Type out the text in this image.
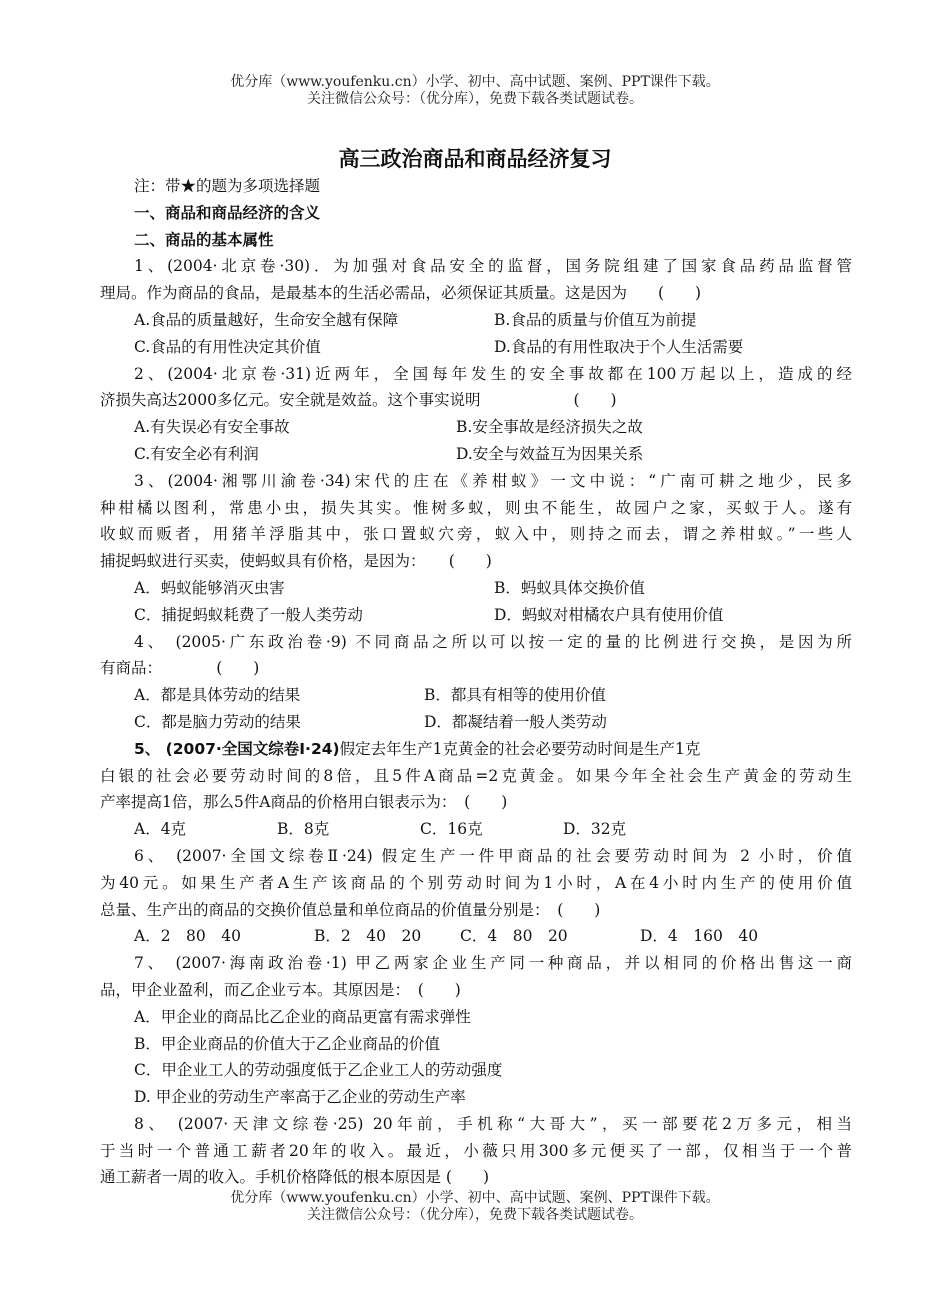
优分库（www.youfenku.cn）小学、初中、高中试题、案例、PPT课件下载。
关注微信公众号：（优分库），免费下载各类试题试卷。
高三政治商品和商品经济复习
注：带★的题为多项选择题
一、商品和商品经济的含义
二、商品的基本属性
1、(2004·北京卷·30)．为加强对食品安全的监督，国务院组建了国家食品药品监督管
理局。作为商品的食品，是最基本的生活必需品，必须保证其质量。这是因为　　(　　)
A.食品的质量越好，生命安全越有保障	B.食品的质量与价值互为前提
C.食品的有用性决定其价值	D.食品的有用性取决于个人生活需要
2、(2004·北京卷·31)近两年，全国每年发生的安全事故都在100万起以上，造成的经
济损失高达2000多亿元。安全就是效益。这个事实说明　　　　　　(　　)
A.有失误必有安全事故	B.安全事故是经济损失之故
C.有安全必有利润	D.安全与效益互为因果关系
3、(2004·湘鄂川渝卷·34)宋代的庄在《养柑蚁》一文中说：“广南可耕之地少，民多
种柑橘以图利，常患小虫，损失其实。惟树多蚁，则虫不能生，故园户之家，买蚁于人。遂有
收蚁而贩者，用猪羊浮脂其中，张口置蚁穴旁，蚁入中，则持之而去，谓之养柑蚁。”一些人
捕捉蚂蚁进行买卖，使蚂蚁具有价格，是因为：　　(　　)
A．蚂蚁能够消灭虫害	B．蚂蚁具体交换价值
C．捕捉蚂蚁耗费了一般人类劳动	D．蚂蚁对柑橘农户具有使用价值
4、 (2005·广东政治卷·9) 不同商品之所以可以按一定的量的比例进行交换，是因为所
有商品：　　　　(　　)
A．都是具体劳动的结果	B．都具有相等的使用价值
C．都是脑力劳动的结果	D．都凝结着一般人类劳动
5、 (2007·全国文综卷Ⅰ·24)假定去年生产1克黄金的社会必要劳动时间是生产1克
白银的社会必要劳动时间的8倍，且5件A商品=2克黄金。如果今年全社会生产黄金的劳动生
产率提高1倍，那么5件A商品的价格用白银表示为：　(　　)
A．4克	B．8克	C．16克	D．32克
6、 (2007·全国文综卷Ⅱ·24) 假定生产一件甲商品的社会要劳动时间为 2 小时，价值
为40元。如果生产者A生产该商品的个别劳动时间为1小时，A在4小时内生产的使用价值
总量、生产出的商品的交换价值总量和单位商品的价值量分别是：　(　　)
A．2　80　40	B．2　40　20	C．4　80　20	D．4　160　40
7、 (2007·海南政治卷·1) 甲乙两家企业生产同一种商品，并以相同的价格出售这一商
品，甲企业盈利，而乙企业亏本。其原因是：　(　　)
A．甲企业的商品比乙企业的商品更富有需求弹性
B．甲企业商品的价值大于乙企业商品的价值
C．甲企业工人的劳动强度低于乙企业工人的劳动强度
D. 甲企业的劳动生产率高于乙企业的劳动生产率
8、 (2007·天津文综卷·25) 20年前，手机称“大哥大”，买一部要花2万多元，相当
于当时一个普通工薪者20年的收入。最近，小薇只用300多元便买了一部，仅相当于一个普
通工薪者一周的收入。手机价格降低的根本原因是 (　　)
优分库（www.youfenku.cn）小学、初中、高中试题、案例、PPT课件下载。
关注微信公众号：（优分库），免费下载各类试题试卷。
